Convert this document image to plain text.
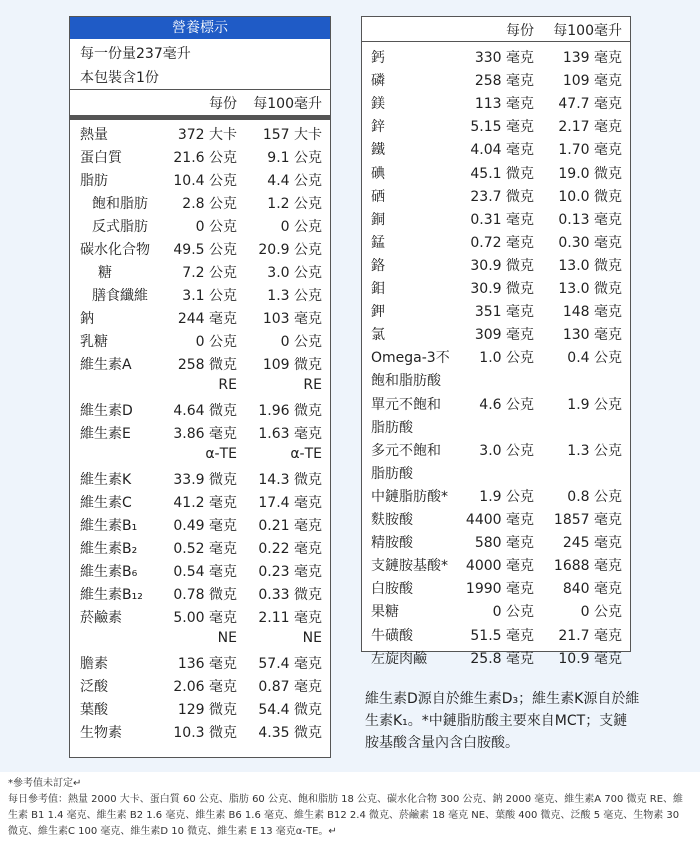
營養標示
每一份量237毫升
本包裝含1份
每份 每100毫升
熱量	372 大卡 157 大卡
蛋白質	21.6 公克 9.1 公克
脂肪	10.4 公克 4.4 公克
飽和脂肪 2.8 公克 1.2 公克
反式脂肪	0 公克	0 公克
碳水化合物 49.5 公克 20.9 公克
糖	7.2 公克 3.0 公克
膳食纖維 3.1 公克 1.3 公克
鈉	244 毫克 103 毫克
乳糖	0 公克	0 公克
維生素A	258 微克 109 微克
RE	RE
維生素D	4.64 微克 1.96 微克
維生素E	3.86 毫克 1.63 毫克
α-TE	α-TE
維生素K	33.9 微克 14.3 微克
維生素C	41.2 毫克 17.4 毫克
維生素B₁	0.49 毫克 0.21 毫克
維生素B₂	0.52 毫克 0.22 毫克
維生素B₆	0.54 毫克 0.23 毫克
維生素B₁₂ 0.78 微克 0.33 微克
菸鹼素	5.00 毫克 2.11 毫克
NE	NE
膽素	136 毫克 57.4 毫克
泛酸	2.06 毫克 0.87 毫克
葉酸	129 微克 54.4 微克
生物素	10.3 微克 4.35 微克
每份 每100毫升
鈣	330 毫克 139 毫克
磷	258 毫克 109 毫克
鎂	113 毫克 47.7 毫克
鋅	5.15 毫克 2.17 毫克
鐵	4.04 毫克 1.70 毫克
碘	45.1 微克 19.0 微克
硒	23.7 微克 10.0 微克
銅	0.31 毫克 0.13 毫克
錳	0.72 毫克 0.30 毫克
鉻	30.9 微克 13.0 微克
鉬	30.9 微克 13.0 微克
鉀	351 毫克 148 毫克
氯	309 毫克 130 毫克
Omega-3不 1.0 公克 0.4 公克
飽和脂肪酸
單元不飽和	4.6 公克 1.9 公克
脂肪酸
多元不飽和	3.0 公克 1.3 公克
脂肪酸
中鏈脂肪酸* 1.9 公克 0.8 公克
麩胺酸	4400 毫克 1857 毫克
精胺酸	580 毫克 245 毫克
支鏈胺基酸* 4000 毫克 1688 毫克
白胺酸	1990 毫克 840 毫克
果糖	0 公克	0 公克
牛磺酸	51.5 毫克 21.7 毫克
左旋肉鹼	25.8 毫克 10.9 毫克
維生素D源自於維生素D₃；維生素K源自於維生素K₁。*中鏈脂肪酸主要來自MCT；支鏈胺基酸含量內含白胺酸。
*參考值未訂定↵
每日參考值：熱量 2000 大卡、蛋白質 60 公克、脂肪 60 公克、飽和脂肪 18 公克、碳水化合物 300 公克、鈉 2000 毫克、維生素A 700 微克 RE、維生素 B1 1.4 毫克、維生素 B2 1.6 毫克、維生素 B6 1.6 毫克、維生素 B12 2.4 微克、菸鹼素 18 毫克 NE、葉酸 400 微克、泛酸 5 毫克、生物素 30 微克、維生素C 100 毫克、維生素D 10 微克、維生素 E 13 毫克α-TE。↵
